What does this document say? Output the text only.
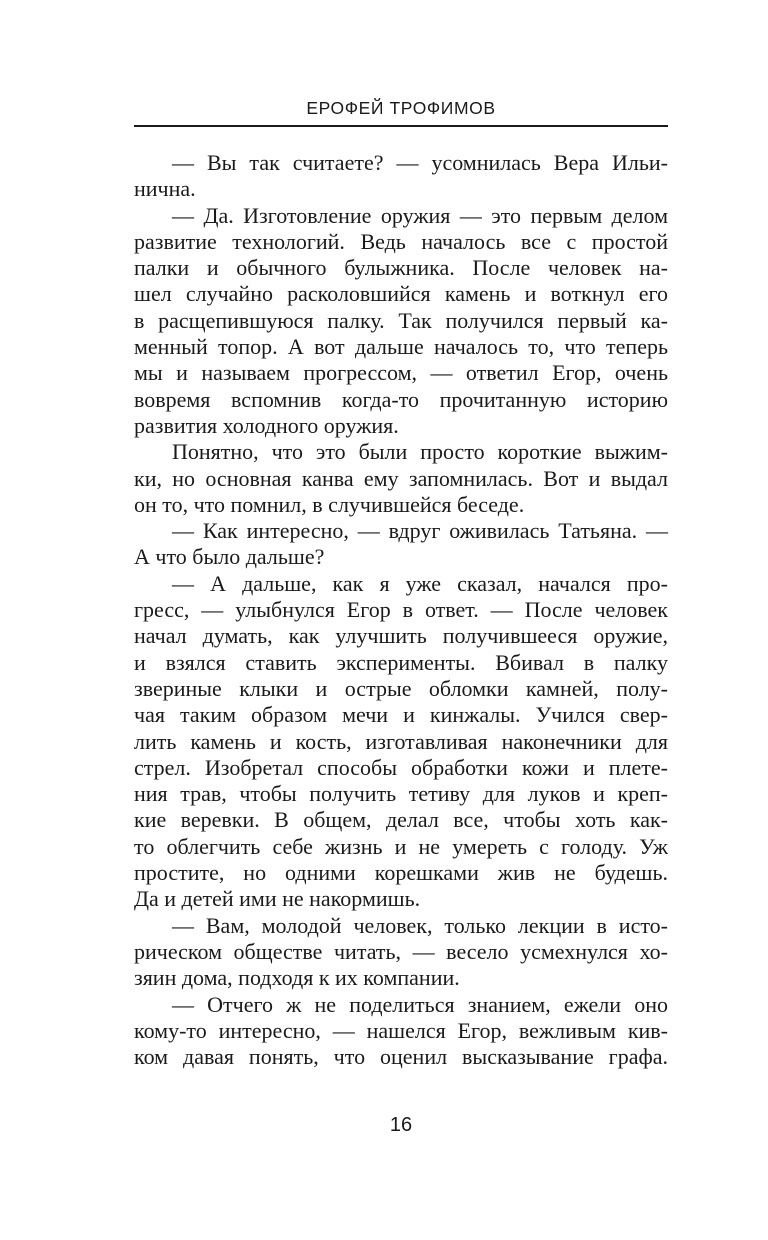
ЕРОФЕЙ ТРОФИМОВ
— Вы так считаете? — усомнилась Вера Ильи-
нична.
— Да. Изготовление оружия — это первым делом
развитие технологий. Ведь началось все с простой
палки и обычного булыжника. После человек на-
шел случайно расколовшийся камень и воткнул его
в расщепившуюся палку. Так получился первый ка-
менный топор. А вот дальше началось то, что теперь
мы и называем прогрессом, — ответил Егор, очень
вовремя вспомнив когда-то прочитанную историю
развития холодного оружия.
Понятно, что это были просто короткие выжим-
ки, но основная канва ему запомнилась. Вот и выдал
он то, что помнил, в случившейся беседе.
— Как интересно, — вдруг оживилась Татьяна. —
А что было дальше?
— А дальше, как я уже сказал, начался про-
гресс, — улыбнулся Егор в ответ. — После человек
начал думать, как улучшить получившееся оружие,
и взялся ставить эксперименты. Вбивал в палку
звериные клыки и острые обломки камней, полу-
чая таким образом мечи и кинжалы. Учился свер-
лить камень и кость, изготавливая наконечники для
стрел. Изобретал способы обработки кожи и плете-
ния трав, чтобы получить тетиву для луков и креп-
кие веревки. В общем, делал все, чтобы хоть как-
то облегчить себе жизнь и не умереть с голоду. Уж
простите, но одними корешками жив не будешь.
Да и детей ими не накормишь.
— Вам, молодой человек, только лекции в исто-
рическом обществе читать, — весело усмехнулся хо-
зяин дома, подходя к их компании.
— Отчего ж не поделиться знанием, ежели оно
кому-то интересно, — нашелся Егор, вежливым кив-
ком давая понять, что оценил высказывание графа.
16
